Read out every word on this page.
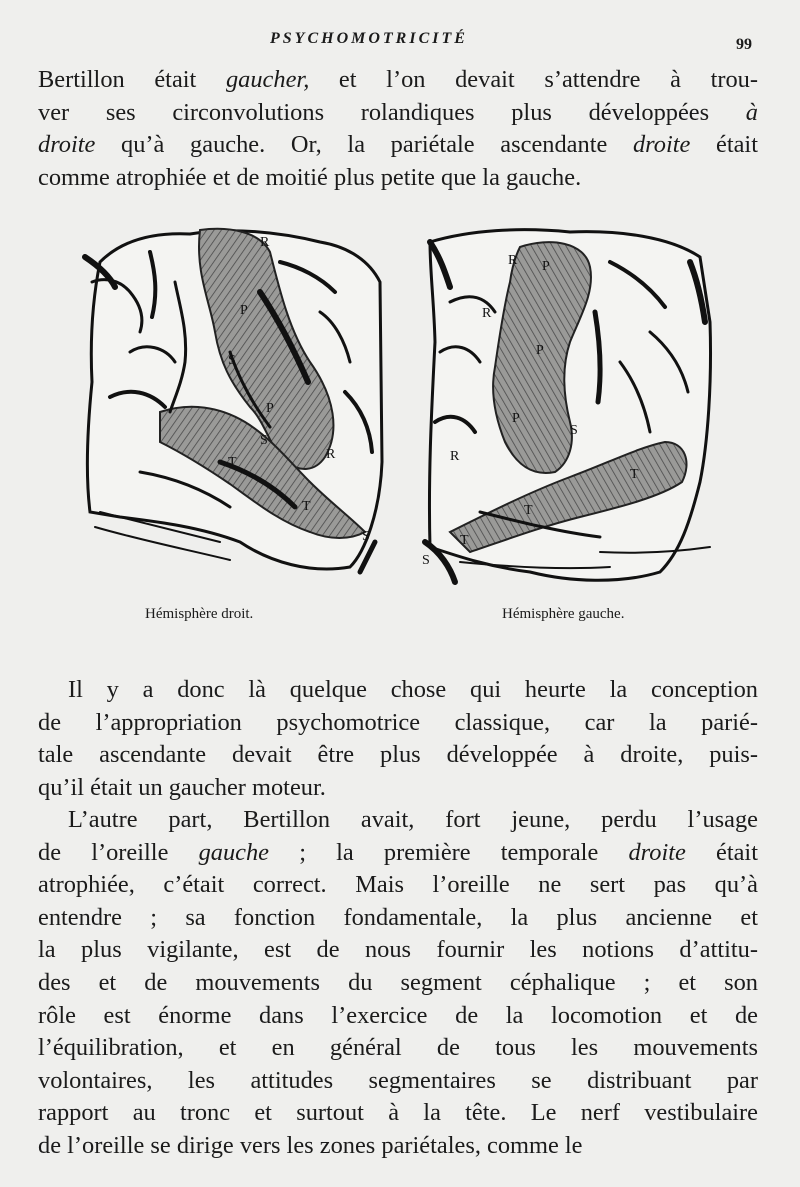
PSYCHOMOTRICITÉ	99

Bertillon était gaucher, et l’on devait s’attendre à trou-
ver ses circonvolutions rolandiques plus développées à
droite qu’à gauche. Or, la pariétale ascendante droite était
comme atrophiée et de moitié plus petite que la gauche.

R
P
S
P
S
R
T
T
S
R P
R
P
P
S
R
T
T
T
S
Hémisphère droit.	Hémisphère gauche.

Il y a donc là quelque chose qui heurte la conception
de l’appropriation psychomotrice classique, car la parié-
tale ascendante devait être plus développée à droite, puis-
qu’il était un gaucher moteur.

L’autre part, Bertillon avait, fort jeune, perdu l’usage
de l’oreille gauche ; la première temporale droite était
atrophiée, c’était correct. Mais l’oreille ne sert pas qu’à
entendre ; sa fonction fondamentale, la plus ancienne et
la plus vigilante, est de nous fournir les notions d’attitu-
des et de mouvements du segment céphalique ; et son
rôle est énorme dans l’exercice de la locomotion et de
l’équilibration, et en général de tous les mouvements
volontaires, les attitudes segmentaires se distribuant par
rapport au tronc et surtout à la tête. Le nerf vestibulaire
de l’oreille se dirige vers les zones pariétales, comme le
